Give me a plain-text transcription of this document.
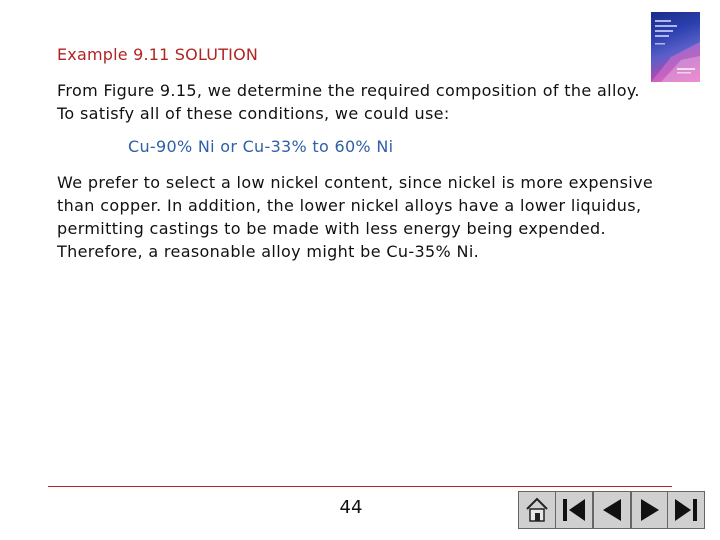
Example 9.11 SOLUTION

From Figure 9.15, we determine the required composition of the alloy. To satisfy all of these conditions, we could use:

Cu-90% Ni or Cu-33% to 60% Ni

We prefer to select a low nickel content, since nickel is more expensive than copper. In addition, the lower nickel alloys have a lower liquidus, permitting castings to be made with less energy being expended. Therefore, a reasonable alloy might be Cu-35% Ni.

44
